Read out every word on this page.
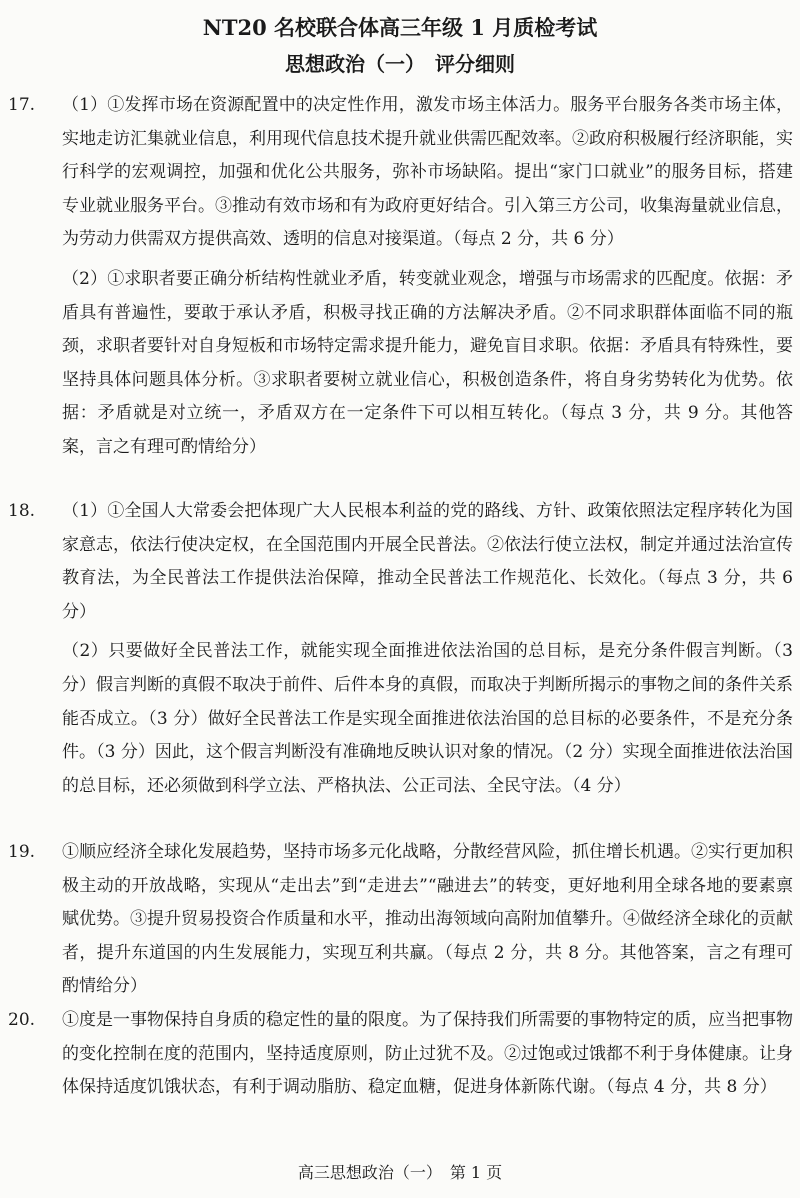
NT20 名校联合体高三年级 1 月质检考试
思想政治（一）　评分细则
17. （1）①发挥市场在资源配置中的决定性作用，激发市场主体活力。服务平台服务各类市场主体，实地走访汇集就业信息，利用现代信息技术提升就业供需匹配效率。②政府积极履行经济职能，实行科学的宏观调控，加强和优化公共服务，弥补市场缺陷。提出“家门口就业”的服务目标，搭建专业就业服务平台。③推动有效市场和有为政府更好结合。引入第三方公司，收集海量就业信息，为劳动力供需双方提供高效、透明的信息对接渠道。（每点 2 分，共 6 分）
（2）①求职者要正确分析结构性就业矛盾，转变就业观念，增强与市场需求的匹配度。依据：矛盾具有普遍性，要敢于承认矛盾，积极寻找正确的方法解决矛盾。②不同求职群体面临不同的瓶颈，求职者要针对自身短板和市场特定需求提升能力，避免盲目求职。依据：矛盾具有特殊性，要坚持具体问题具体分析。③求职者要树立就业信心，积极创造条件，将自身劣势转化为优势。依据：矛盾就是对立统一，矛盾双方在一定条件下可以相互转化。（每点 3 分，共 9 分。其他答案，言之有理可酌情给分）
18. （1）①全国人大常委会把体现广大人民根本利益的党的路线、方针、政策依照法定程序转化为国家意志，依法行使决定权，在全国范围内开展全民普法。②依法行使立法权，制定并通过法治宣传教育法，为全民普法工作提供法治保障，推动全民普法工作规范化、长效化。（每点 3 分，共 6 分）
（2）只要做好全民普法工作，就能实现全面推进依法治国的总目标，是充分条件假言判断。（3 分）假言判断的真假不取决于前件、后件本身的真假，而取决于判断所揭示的事物之间的条件关系能否成立。（3 分）做好全民普法工作是实现全面推进依法治国的总目标的必要条件，不是充分条件。（3 分）因此，这个假言判断没有准确地反映认识对象的情况。（2 分）实现全面推进依法治国的总目标，还必须做到科学立法、严格执法、公正司法、全民守法。（4 分）
19. ①顺应经济全球化发展趋势，坚持市场多元化战略，分散经营风险，抓住增长机遇。②实行更加积极主动的开放战略，实现从“走出去”到“走进去”“融进去”的转变，更好地利用全球各地的要素禀赋优势。③提升贸易投资合作质量和水平，推动出海领域向高附加值攀升。④做经济全球化的贡献者，提升东道国的内生发展能力，实现互利共赢。（每点 2 分，共 8 分。其他答案，言之有理可酌情给分）
20. ①度是一事物保持自身质的稳定性的量的限度。为了保持我们所需要的事物特定的质，应当把事物的变化控制在度的范围内，坚持适度原则，防止过犹不及。②过饱或过饿都不利于身体健康。让身体保持适度饥饿状态，有利于调动脂肪、稳定血糖，促进身体新陈代谢。（每点 4 分，共 8 分）
高三思想政治（一）　第 1 页
